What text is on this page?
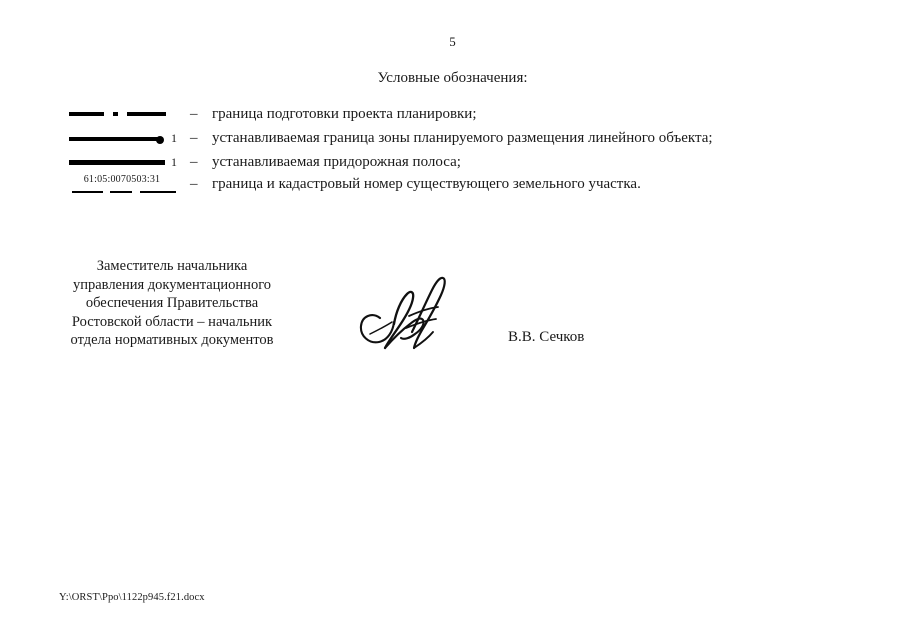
5
Условные обозначения:
– граница подготовки проекта планировки;
1 – устанавливаемая граница зоны планируемого размещения линейного объекта;
1 – устанавливаемая придорожная полоса;
61:05:0070503:31	– граница и кадастровый номер существующего земельного участка.
Заместитель начальника
управления документационного
обеспечения Правительства
Ростовской области – начальник
отдела нормативных документов	В.В. Сечков
Y:\ORST\Ppo\1122p945.f21.docx
